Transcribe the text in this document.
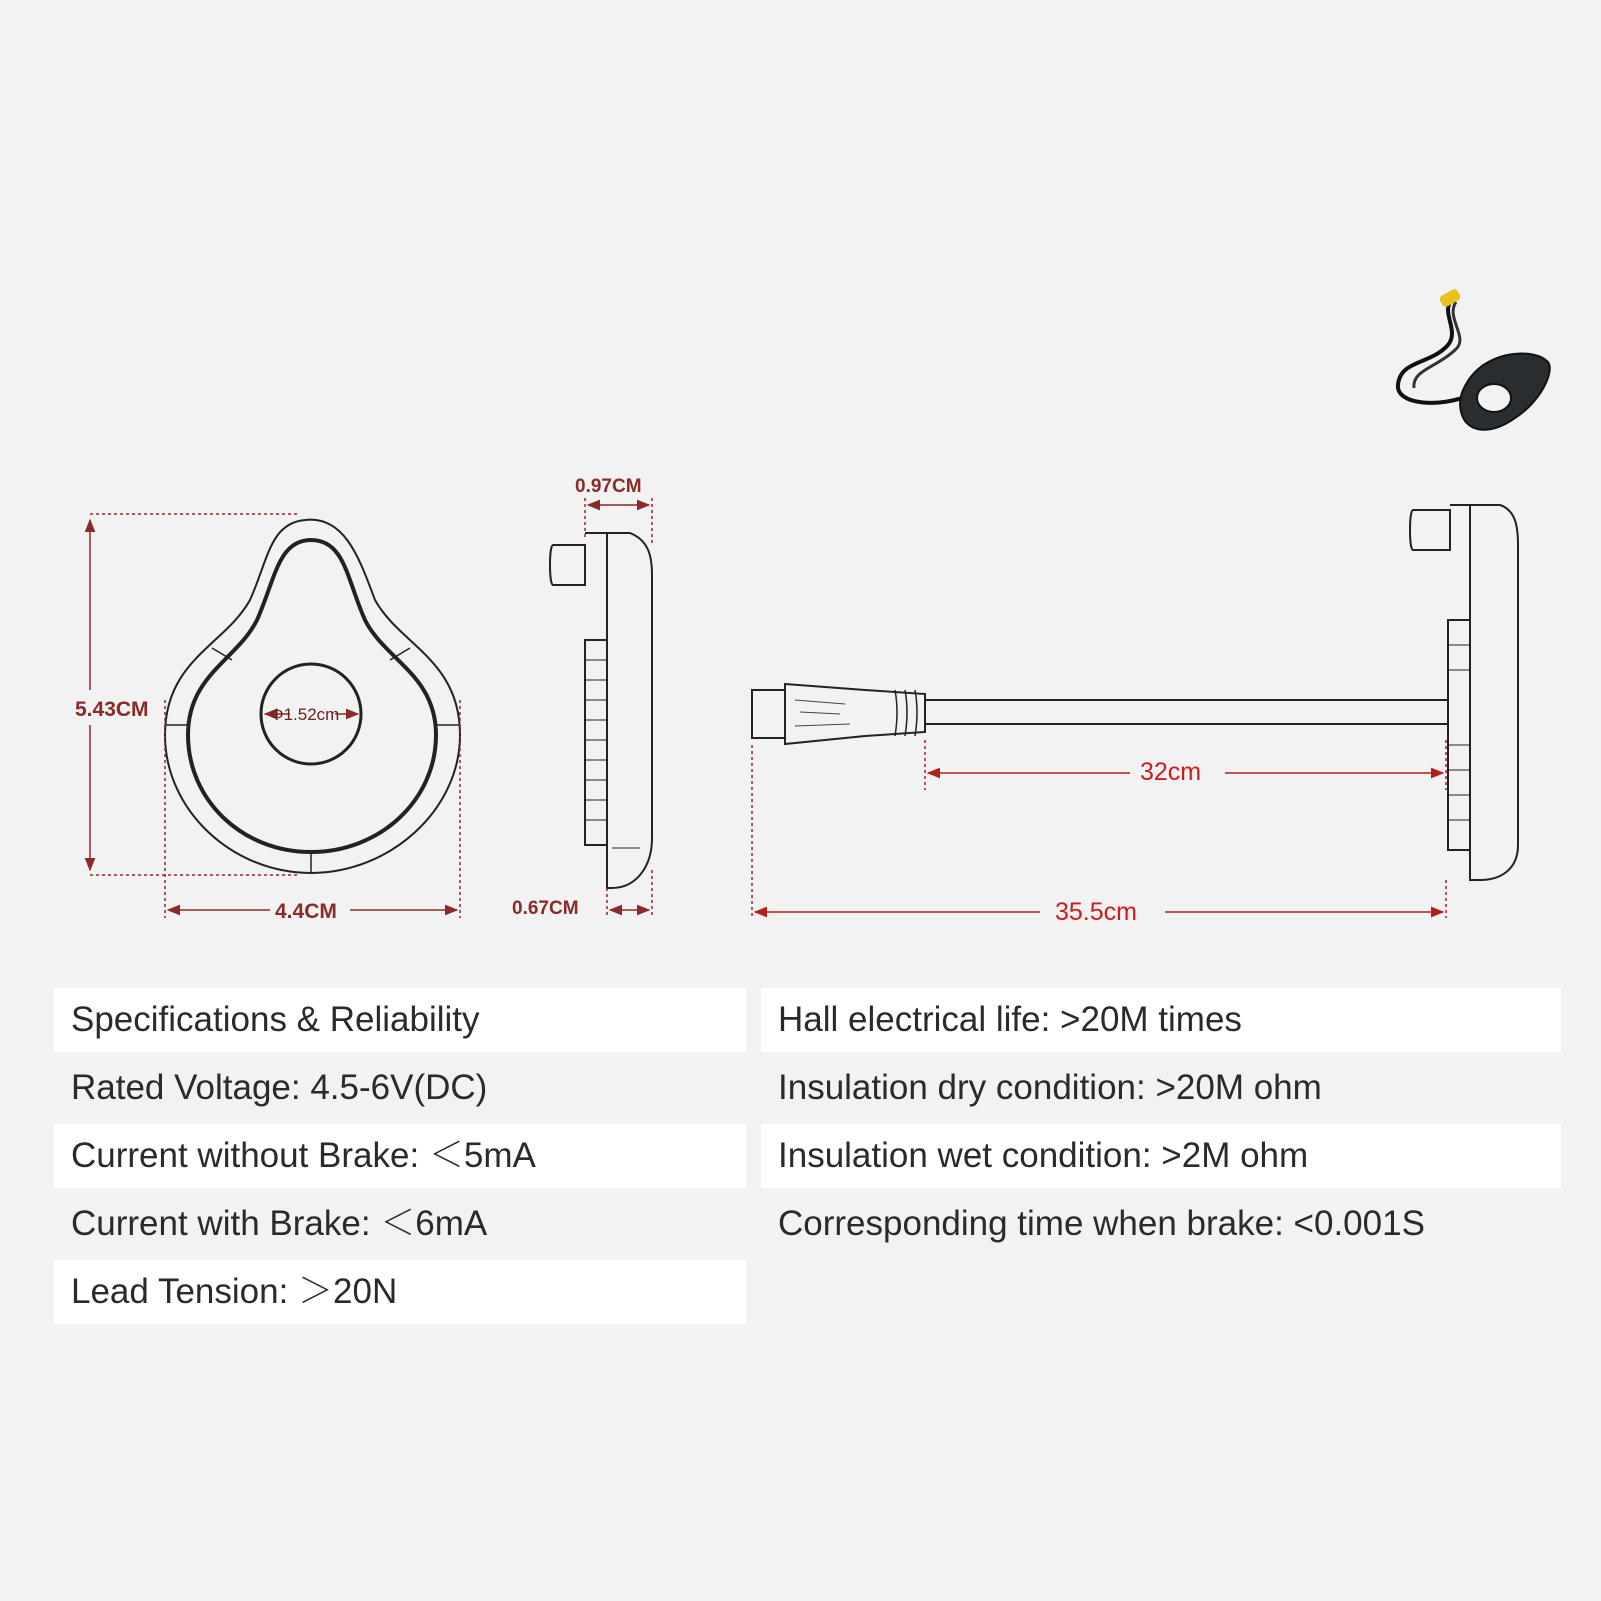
5.43CM
4.4CM
Φ1.52cm
0.97CM
0.67CM
32cm
35.5cm
Specifications & Reliability
Rated Voltage: 4.5-6V(DC)
Current without Brake: ＜5mA
Current with Brake: ＜6mA
Lead Tension: ＞20N
Hall electrical life: >20M times
Insulation dry condition: >20M ohm
Insulation wet condition: >2M ohm
Corresponding time when brake: <0.001S
